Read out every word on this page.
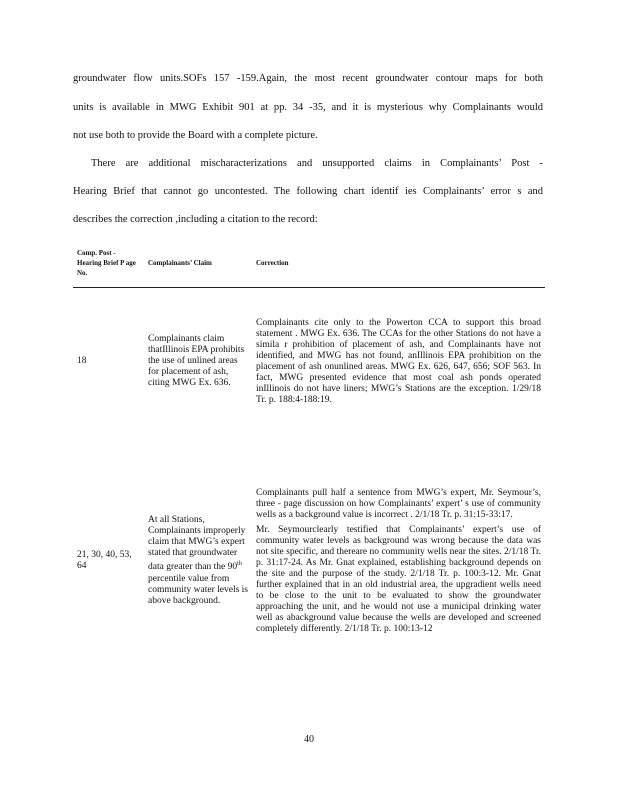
groundwater flow units.SOFs 157 -159.Again, the most recent groundwater contour maps for both
units is available in MWG Exhibit 901 at pp. 34 -35, and it is mysterious why Complainants would
not use both to provide the Board with a complete picture.
There are additional mischaracterizations and unsupported claims in Complainants’ Post -
Hearing Brief that cannot go uncontested. The following chart identif ies Complainants’ error s and
describes the correction ,including a citation to the record:
Comp. Post - Hearing Brief P age No.	Complainants’ Claim	Correction
18	Complainants claim thatIllinois EPA prohibits the use of unlined areas for placement of ash, citing MWG Ex. 636.	Complainants cite only to the Powerton CCA to support this broad statement . MWG Ex. 636. The CCAs for the other Stations do not have a simila r prohibition of placement of ash, and Complainants have not identified, and MWG has not found, anIllinois EPA prohibition on the placement of ash onunlined areas. MWG Ex. 626, 647, 656; SOF 563. In fact, MWG presented evidence that most coal ash ponds operated inIllinois do not have liners; MWG’s Stations are the exception. 1/29/18 Tr. p. 188:4-188:19.

21, 30, 40, 53, 64	At all Stations, Complainants improperly claim that MWG’s expert stated that groundwater data greater than the 90th percentile value from community water levels is above background.	Complainants pull half a sentence from MWG’s expert, Mr. Seymour’s, three - page discussion on how Complainants’ expert’ s use of community wells as a background value is incorrect . 2/1/18 Tr. p. 31:15-33:17.

Mr. Seymourclearly testified that Complainants’ expert’s use of community water levels as background was wrong because the data was not site specific, and thereare no community wells near the sites. 2/1/18 Tr. p. 31:17-24. As Mr. Gnat explained, establishing background depends on the site and the purpose of the study. 2/1/18 Tr. p. 100:3-12. Mr. Gnat further explained that in an old industrial area, the upgradient wells need to be close to the unit to be evaluated to show the groundwater approaching the unit, and he would not use a municipal drinking water well as abackground value because the wells are developed and screened completely differently. 2/1/18 Tr. p. 100:13-12

40
